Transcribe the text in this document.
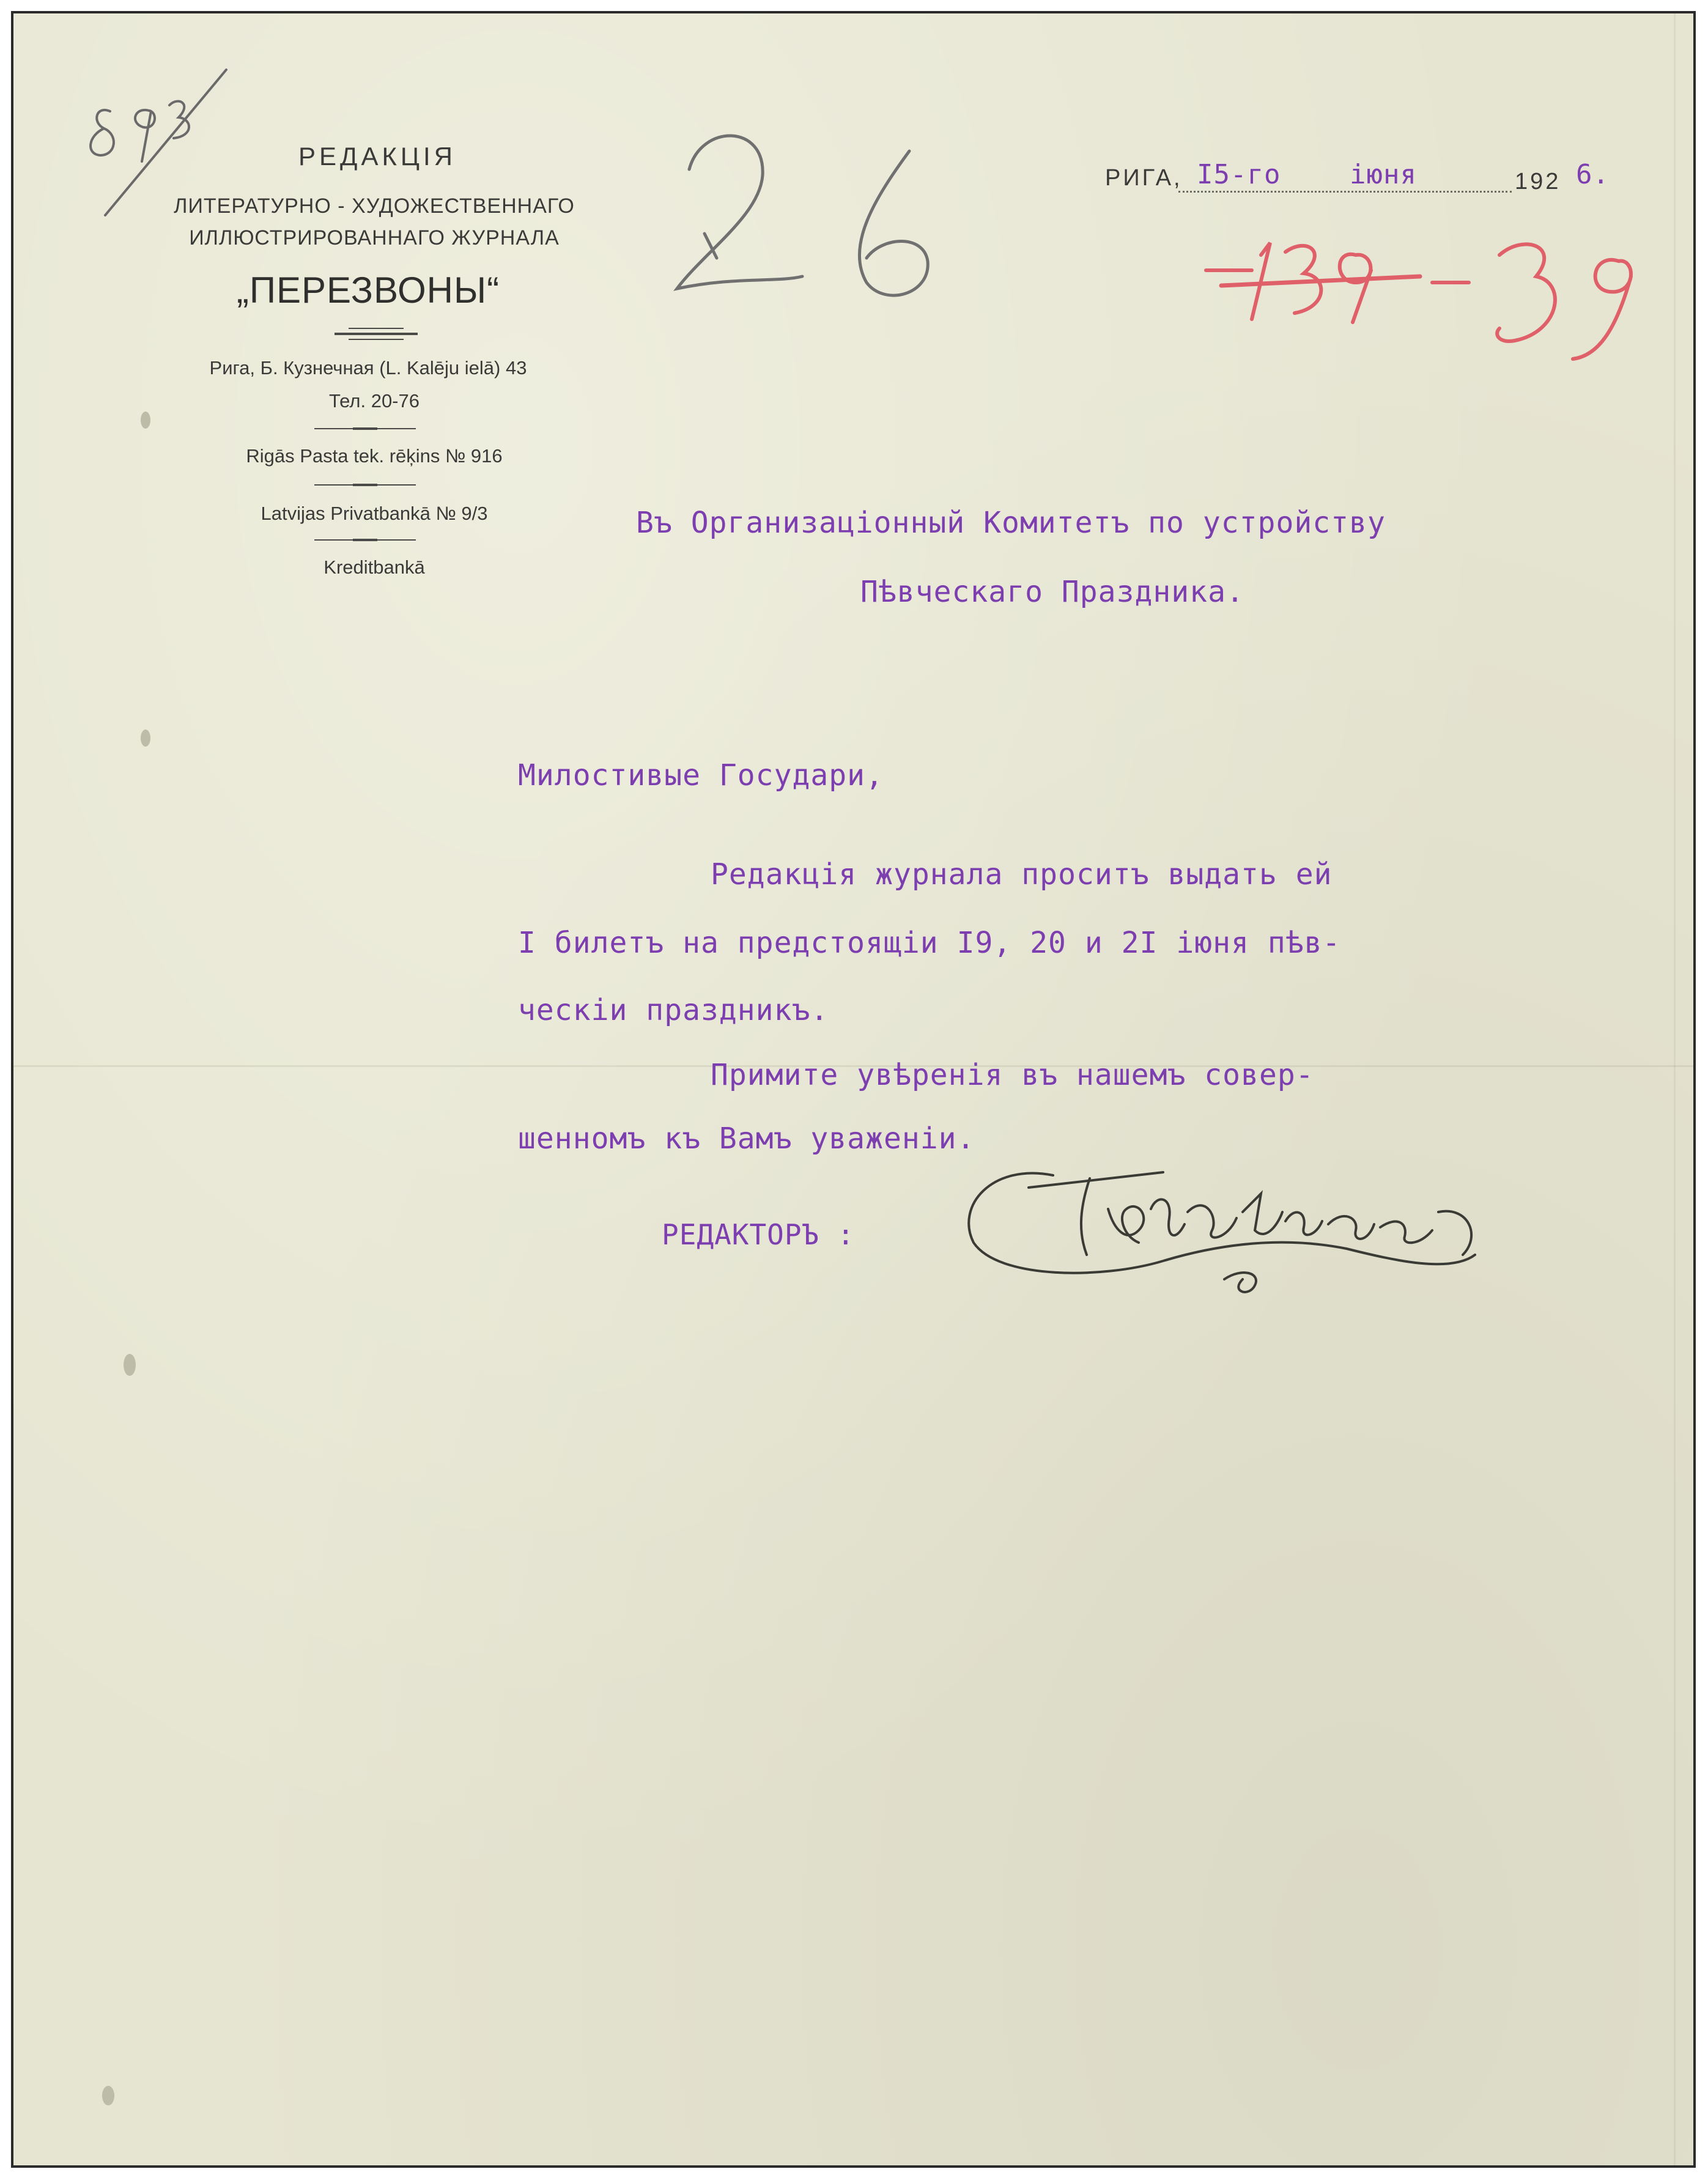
РЕДАКЦІЯ
ЛИТЕРАТУРНО - ХУДОЖЕСТВЕННАГО
ИЛЛЮСТРИРОВАННАГО ЖУРНАЛА
„ПЕРЕЗВОНЫ“
Рига, Б. Кузнечная (L. Kalēju ielā) 43
Тел. 20-76
Rigās Pasta tek. rēķins № 916
Latvijas Privatbankā № 9/3
Kreditbankā
РИГА, I5-го	іюня	192 6.
Въ Организаціонный Комитетъ по устройству
Пѣвческаго Праздника.
Милостивые Государи,
Редакція журнала проситъ выдать ей
I билетъ на предстоящіи I9, 20 и 2I іюня пѣв-
ческіи праздникъ.
Примите увѣренія въ нашемъ совер-
шенномъ къ Вамъ уваженіи.
РЕДАКТОРЪ :
